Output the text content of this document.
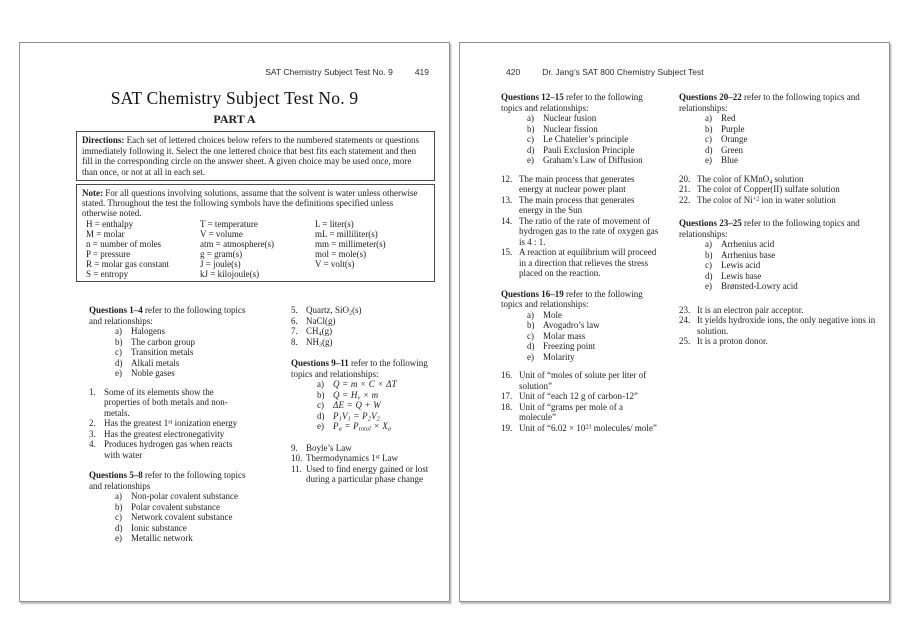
SAT Chemistry Subject Test No. 9	419
SAT Chemistry Subject Test No. 9
PART A
Directions: Each set of lettered choices below refers to the numbered statements or questions immediately following it. Select the one lettered choice that best fits each statement and then fill in the corresponding circle on the answer sheet. A given choice may be used once, more than once, or not at all in each set.
Note: For all questions involving solutions, assume that the solvent is water unless otherwise stated. Throughout the test the following symbols have the definitions specified unless otherwise noted.
H = enthalpy	T = temperature	L = liter(s)
M = molar	V = volume	mL = milliliter(s)
n = number of moles	atm = atmosphere(s)	mm = millimeter(s)
P = pressure	g = gram(s)	mol = mole(s)
R = molar gas constant	J = joule(s)	V = volt(s)
S = entropy	kJ = kilojoule(s)

Questions 1–4 refer to the following topics and relationships:

a)	Halogens
b) The carbon group
c)	Transition metals
d) Alkali metals
e)	Noble gases
1. Some of its elements show the properties of both metals and non-metals.
2. Has the greatest 1st ionization energy
3. Has the greatest electronegativity
4. Produces hydrogen gas when reacts with water

Questions 5–8 refer to the following topics and relationships

a)	Non-polar covalent substance
b) Polar covalent substance
c)	Network covalent substance
d) Ionic substance
e)	Metallic network
5. Quartz, SiO$_2$(s)
6. NaCl(g)
7. $CH_4(g)$
8. $NH_3(g)$

Questions 9–11 refer to the following topics and relationships:

a)	Q = m × C × ΔT
b) $Q = H_v \times m$
c)	ΔE = Q + W
d) $P_1V_1 = P_2V_2$
e)	$P_a = P_{total} \times X_a$
9. Boyle’s Law
10. Thermodynamics 1st Law
11. Used to find energy gained or lost during a particular phase change
420	Dr. Jang’s SAT 800 Chemistry Subject Test

Questions 12–15 refer to the following topics and relationships:

a)	Nuclear fusion
b) Nuclear fission
c)	Le Chatelier’s principle
d) Pauli Exclusion Principle
e)	Graham’s Law of Diffusion
12. The main process that generates energy at nuclear power plant
13. The main process that generates energy in the Sun
14. The ratio of the rate of movement of hydrogen gas to the rate of oxygen gas is 4 : 1.
15. A reaction at equilibrium will proceed in a direction that relieves the stress placed on the reaction.

Questions 16–19 refer to the following topics and relationships:

a)	Mole
b) Avogadro’s law
c)	Molar mass
d) Freezing point
e)	Molarity
16. Unit of “moles of solute per liter of solution”
17. Unit of “each 12 g of carbon-12”
18. Unit of “grams per mole of a molecule”
19. Unit of “$6.02 \times 10^{23}$ molecules/ mole”

Questions 20–22 refer to the following topics and relationships:

a)	Red
b) Purple
c)	Orange
d) Green
e)	Blue
20. The color of KMnO$_4$ solution
21. The color of Copper(II) sulfate solution
22. The color of $Ni^{+2}$ ion in water solution

Questions 23–25 refer to the following topics and relationships:

a)	Arrhenius acid
b) Arrhenius base
c)	Lewis acid
d) Lewis base
e)	Brønsted-Lowry acid
23. It is an electron pair acceptor.
24. It yields hydroxide ions, the only negative ions in solution.
25. It is a proton donor.
